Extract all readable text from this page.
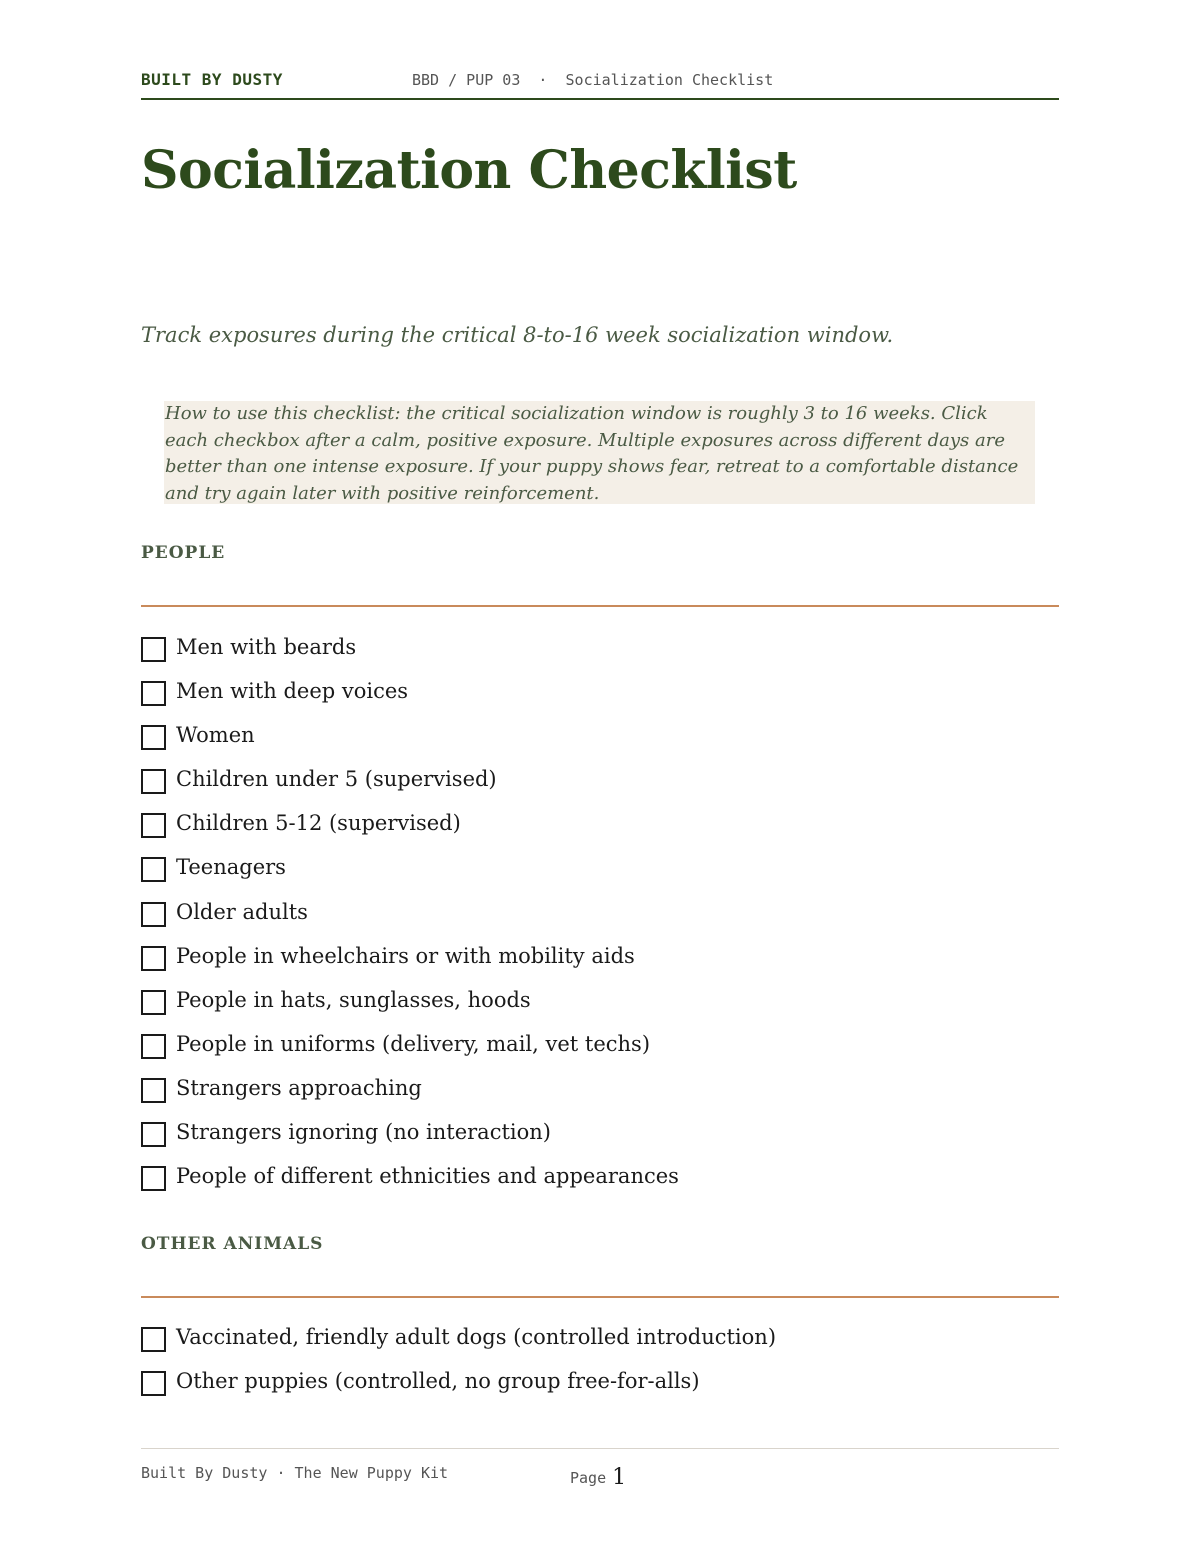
BUILT BY DUSTY	BBD / PUP 03  ·  Socialization Checklist
Socialization Checklist

Track exposures during the critical 8-to-16 week socialization window.

How to use this checklist: the critical socialization window is roughly 3 to 16 weeks. Click each checkbox after a calm, positive exposure. Multiple exposures across different days are better than one intense exposure. If your puppy shows fear, retreat to a comfortable distance and try again later with positive reinforcement.
PEOPLE
Men with beards
Men with deep voices
Women
Children under 5 (supervised)
Children 5-12 (supervised)
Teenagers
Older adults
People in wheelchairs or with mobility aids
People in hats, sunglasses, hoods
People in uniforms (delivery, mail, vet techs)
Strangers approaching
Strangers ignoring (no interaction)
People of different ethnicities and appearances
OTHER ANIMALS
Vaccinated, friendly adult dogs (controlled introduction)
Other puppies (controlled, no group free-for-alls)
Built By Dusty · The New Puppy Kit	Page 1
